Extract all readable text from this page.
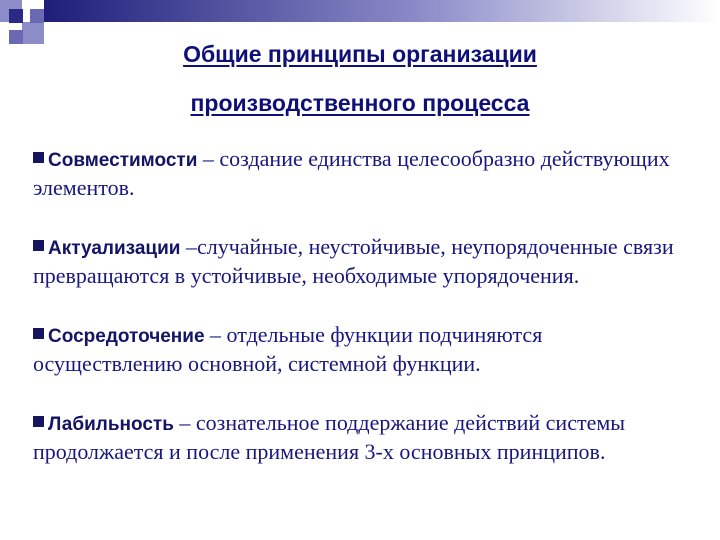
Общие принципы организации
производственного процесса
Совместимости – создание единства целесообразно действующих элементов.
Актуализации –случайные, неустойчивые, неупорядоченные связи превращаются в устойчивые, необходимые упорядочения.
Сосредоточение – отдельные функции подчиняются осуществлению основной, системной функции.
Лабильность – сознательное поддержание действий системы продолжается и после применения 3-х основных принципов.
